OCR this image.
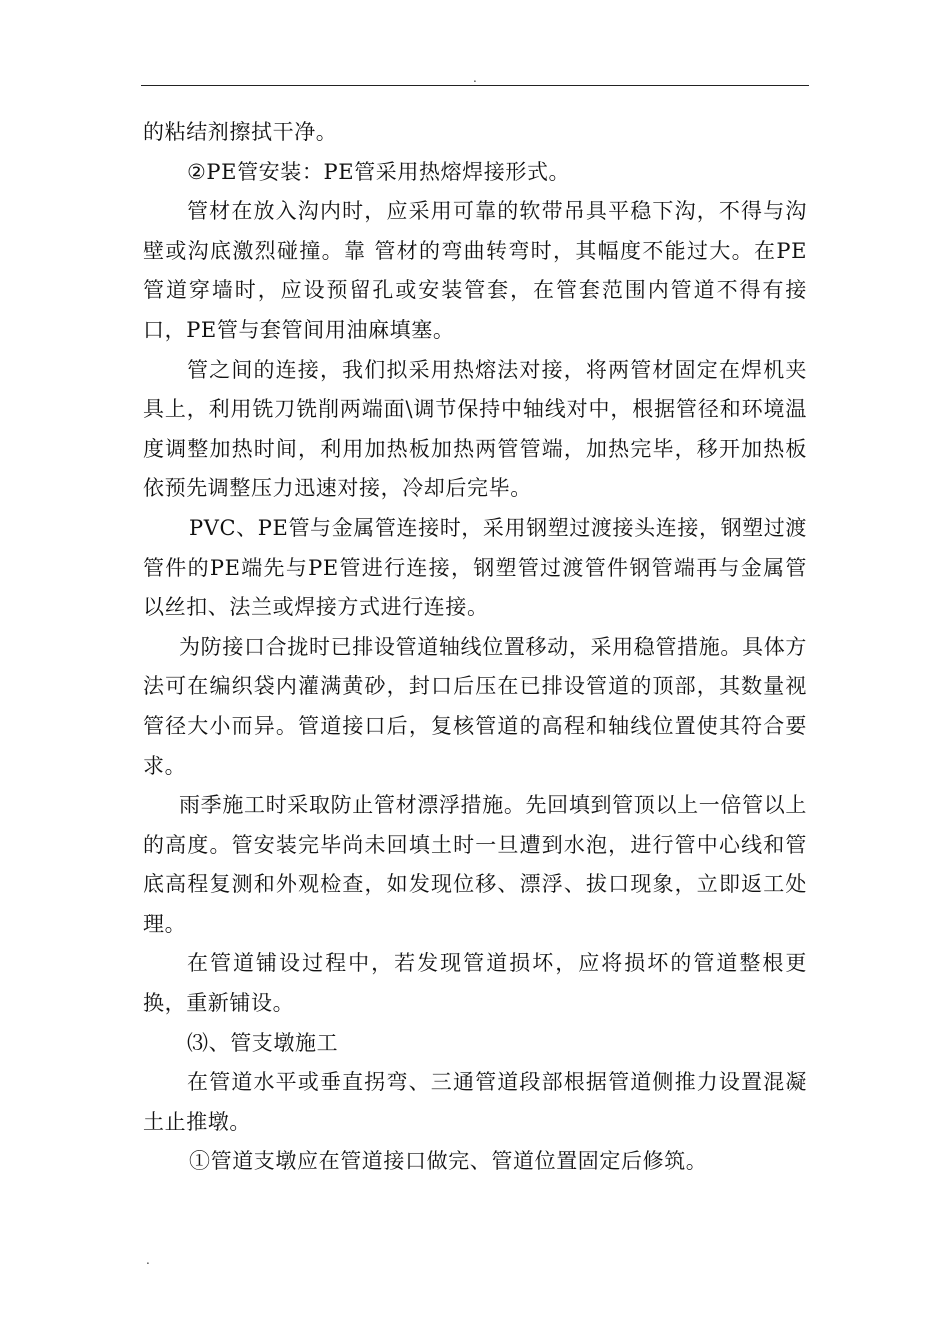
.

的粘结剂擦拭干净。

②PE管安装：PE管采用热熔焊接形式。

管材在放入沟内时，应采用可靠的软带吊具平稳下沟，不得与沟壁或沟底激烈碰撞。靠 管材的弯曲转弯时，其幅度不能过大。在PE管道穿墙时，应设预留孔或安装管套，在管套范围内管道不得有接口，PE管与套管间用油麻填塞。

管之间的连接，我们拟采用热熔法对接，将两管材固定在焊机夹具上，利用铣刀铣削两端面\调节保持中轴线对中，根据管径和环境温度调整加热时间，利用加热板加热两管管端，加热完毕，移开加热板依预先调整压力迅速对接，冷却后完毕。

PVC、PE管与金属管连接时，采用钢塑过渡接头连接，钢塑过渡管件的PE端先与PE管进行连接，钢塑管过渡管件钢管端再与金属管以丝扣、法兰或焊接方式进行连接。

为防接口合拢时已排设管道轴线位置移动，采用稳管措施。具体方法可在编织袋内灌满黄砂，封口后压在已排设管道的顶部，其数量视管径大小而异。管道接口后，复核管道的高程和轴线位置使其符合要求。

雨季施工时采取防止管材漂浮措施。先回填到管顶以上一倍管以上的高度。管安装完毕尚未回填土时一旦遭到水泡，进行管中心线和管底高程复测和外观检查，如发现位移、漂浮、拔口现象，立即返工处理。

在管道铺设过程中，若发现管道损坏，应将损坏的管道整根更换，重新铺设。

⑶、管支墩施工

在管道水平或垂直拐弯、三通管道段部根据管道侧推力设置混凝土止推墩。

①管道支墩应在管道接口做完、管道位置固定后修筑。

.
